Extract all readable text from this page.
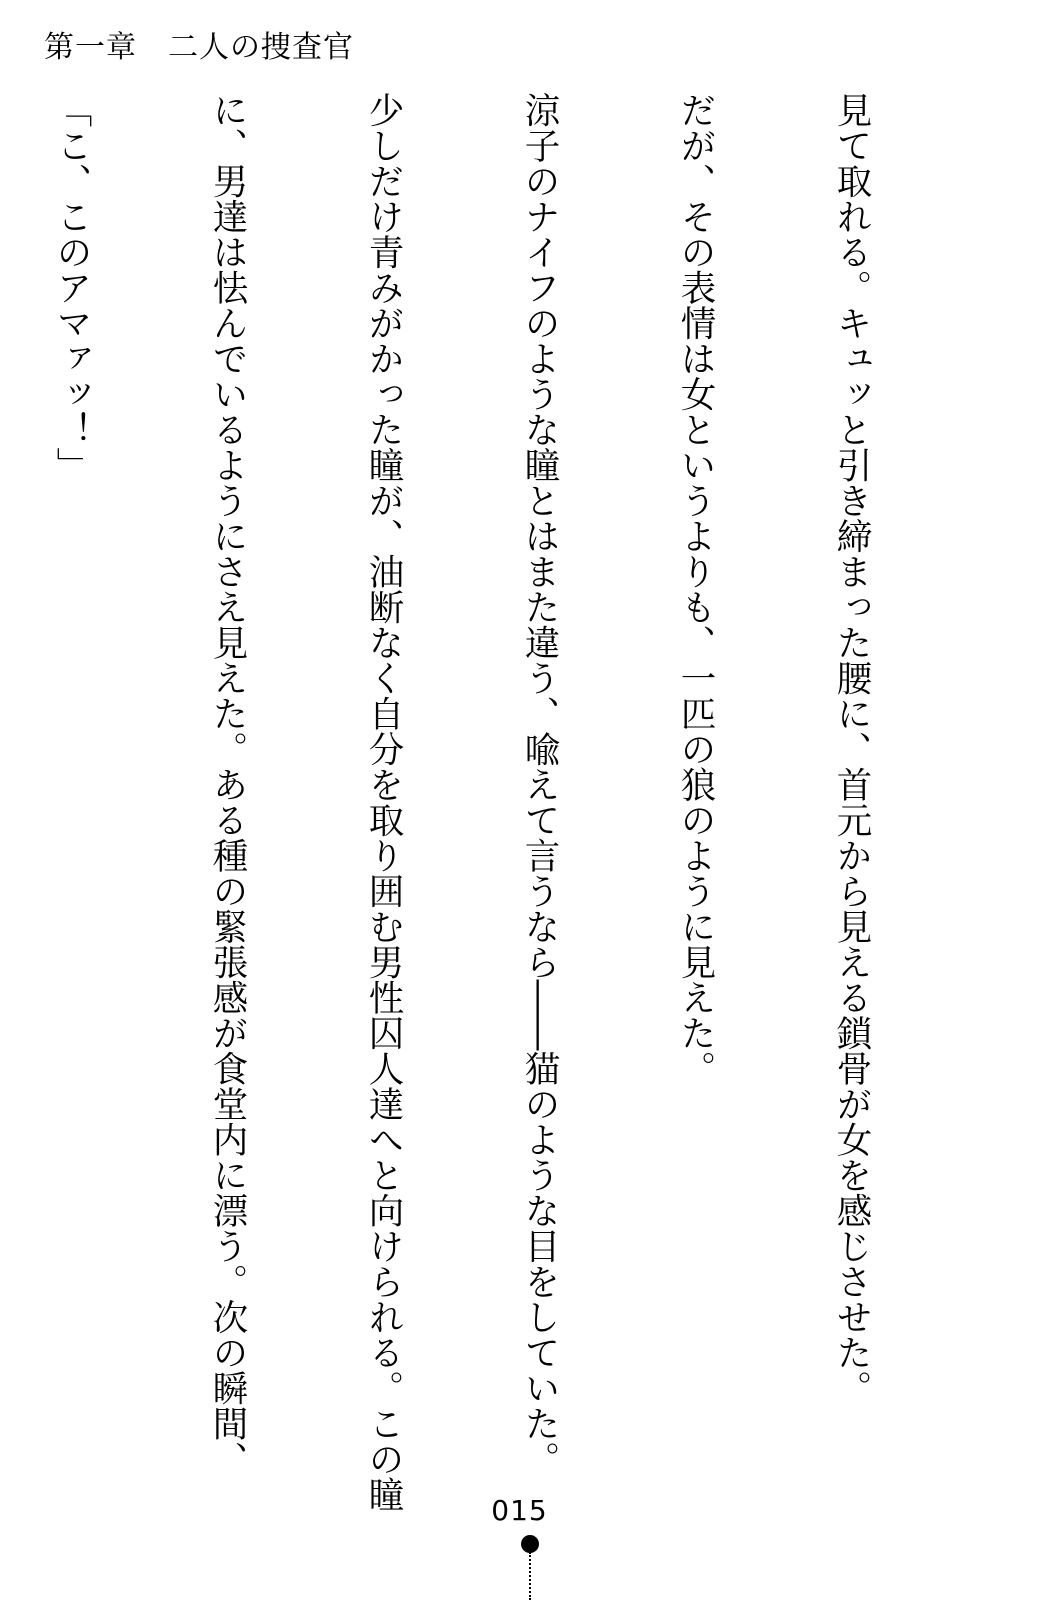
第一章　 二人の捜査官

見て取れる。キュッと引き締まった腰に、首元から見える鎖骨が女を感じさせた。

だが、その表情は女というよりも、一匹の狼のように見えた。

涼子のナイフのような瞳とはまた違う、喩えて言うなら――猫のような目をしていた。

少しだけ青みがかった瞳が、油断なく自分を取り囲む男性囚人達へと向けられる。この瞳

に、男達は怯んでいるようにさえ見えた。ある種の緊張感が食堂内に漂う。次の瞬間、

「こ、このアマァッ！」

015
